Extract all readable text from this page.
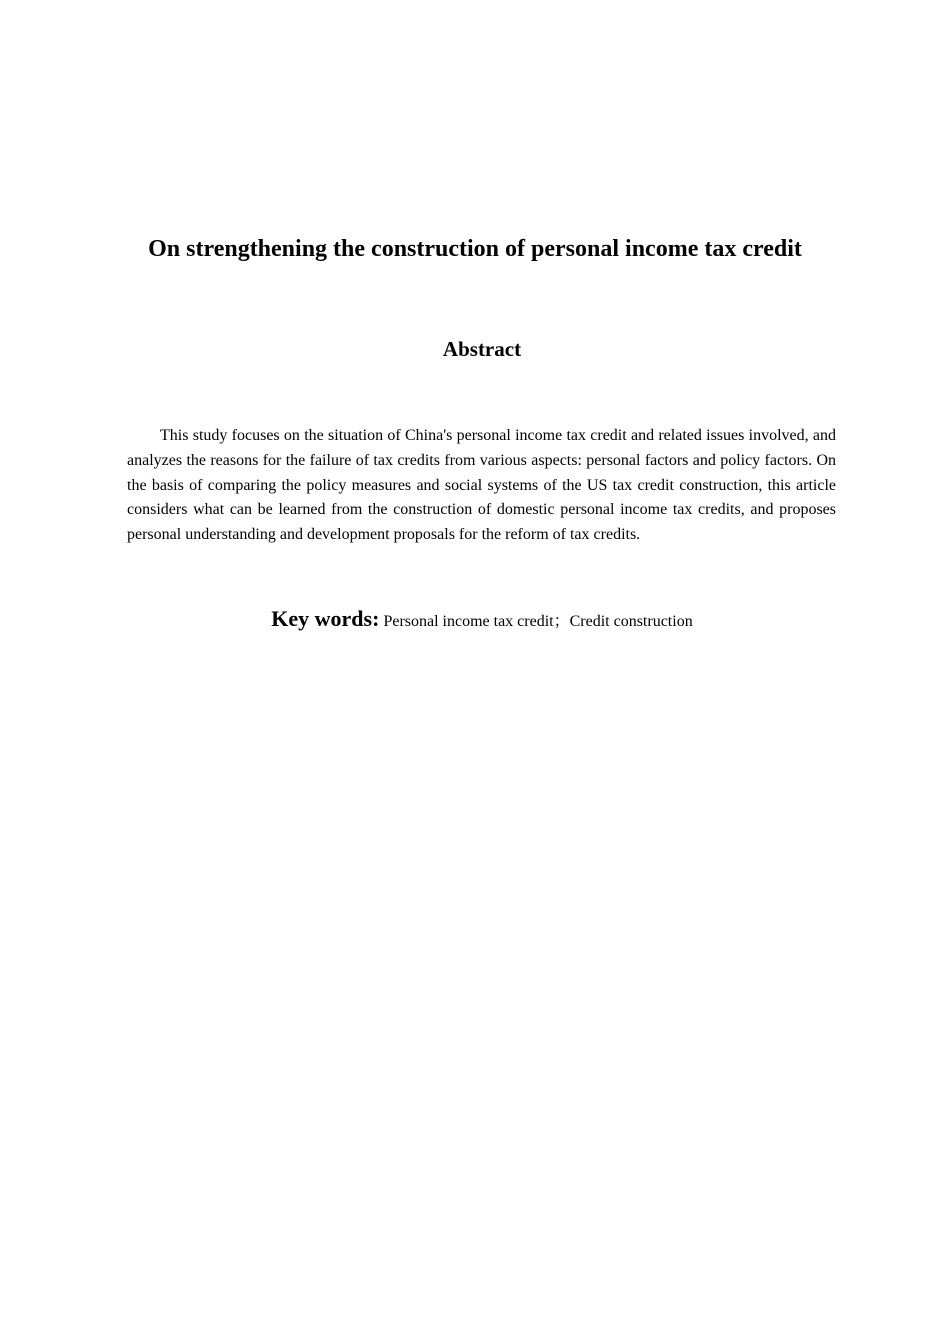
On strengthening the construction of personal income tax credit
Abstract

This study focuses on the situation of China's personal income tax credit and related issues involved, and analyzes the reasons for the failure of tax credits from various aspects: personal factors and policy factors. On the basis of comparing the policy measures and social systems of the US tax credit construction, this article considers what can be learned from the construction of domestic personal income tax credits, and proposes personal understanding and development proposals for the reform of tax credits.

Key words: Personal income tax credit；Credit construction
